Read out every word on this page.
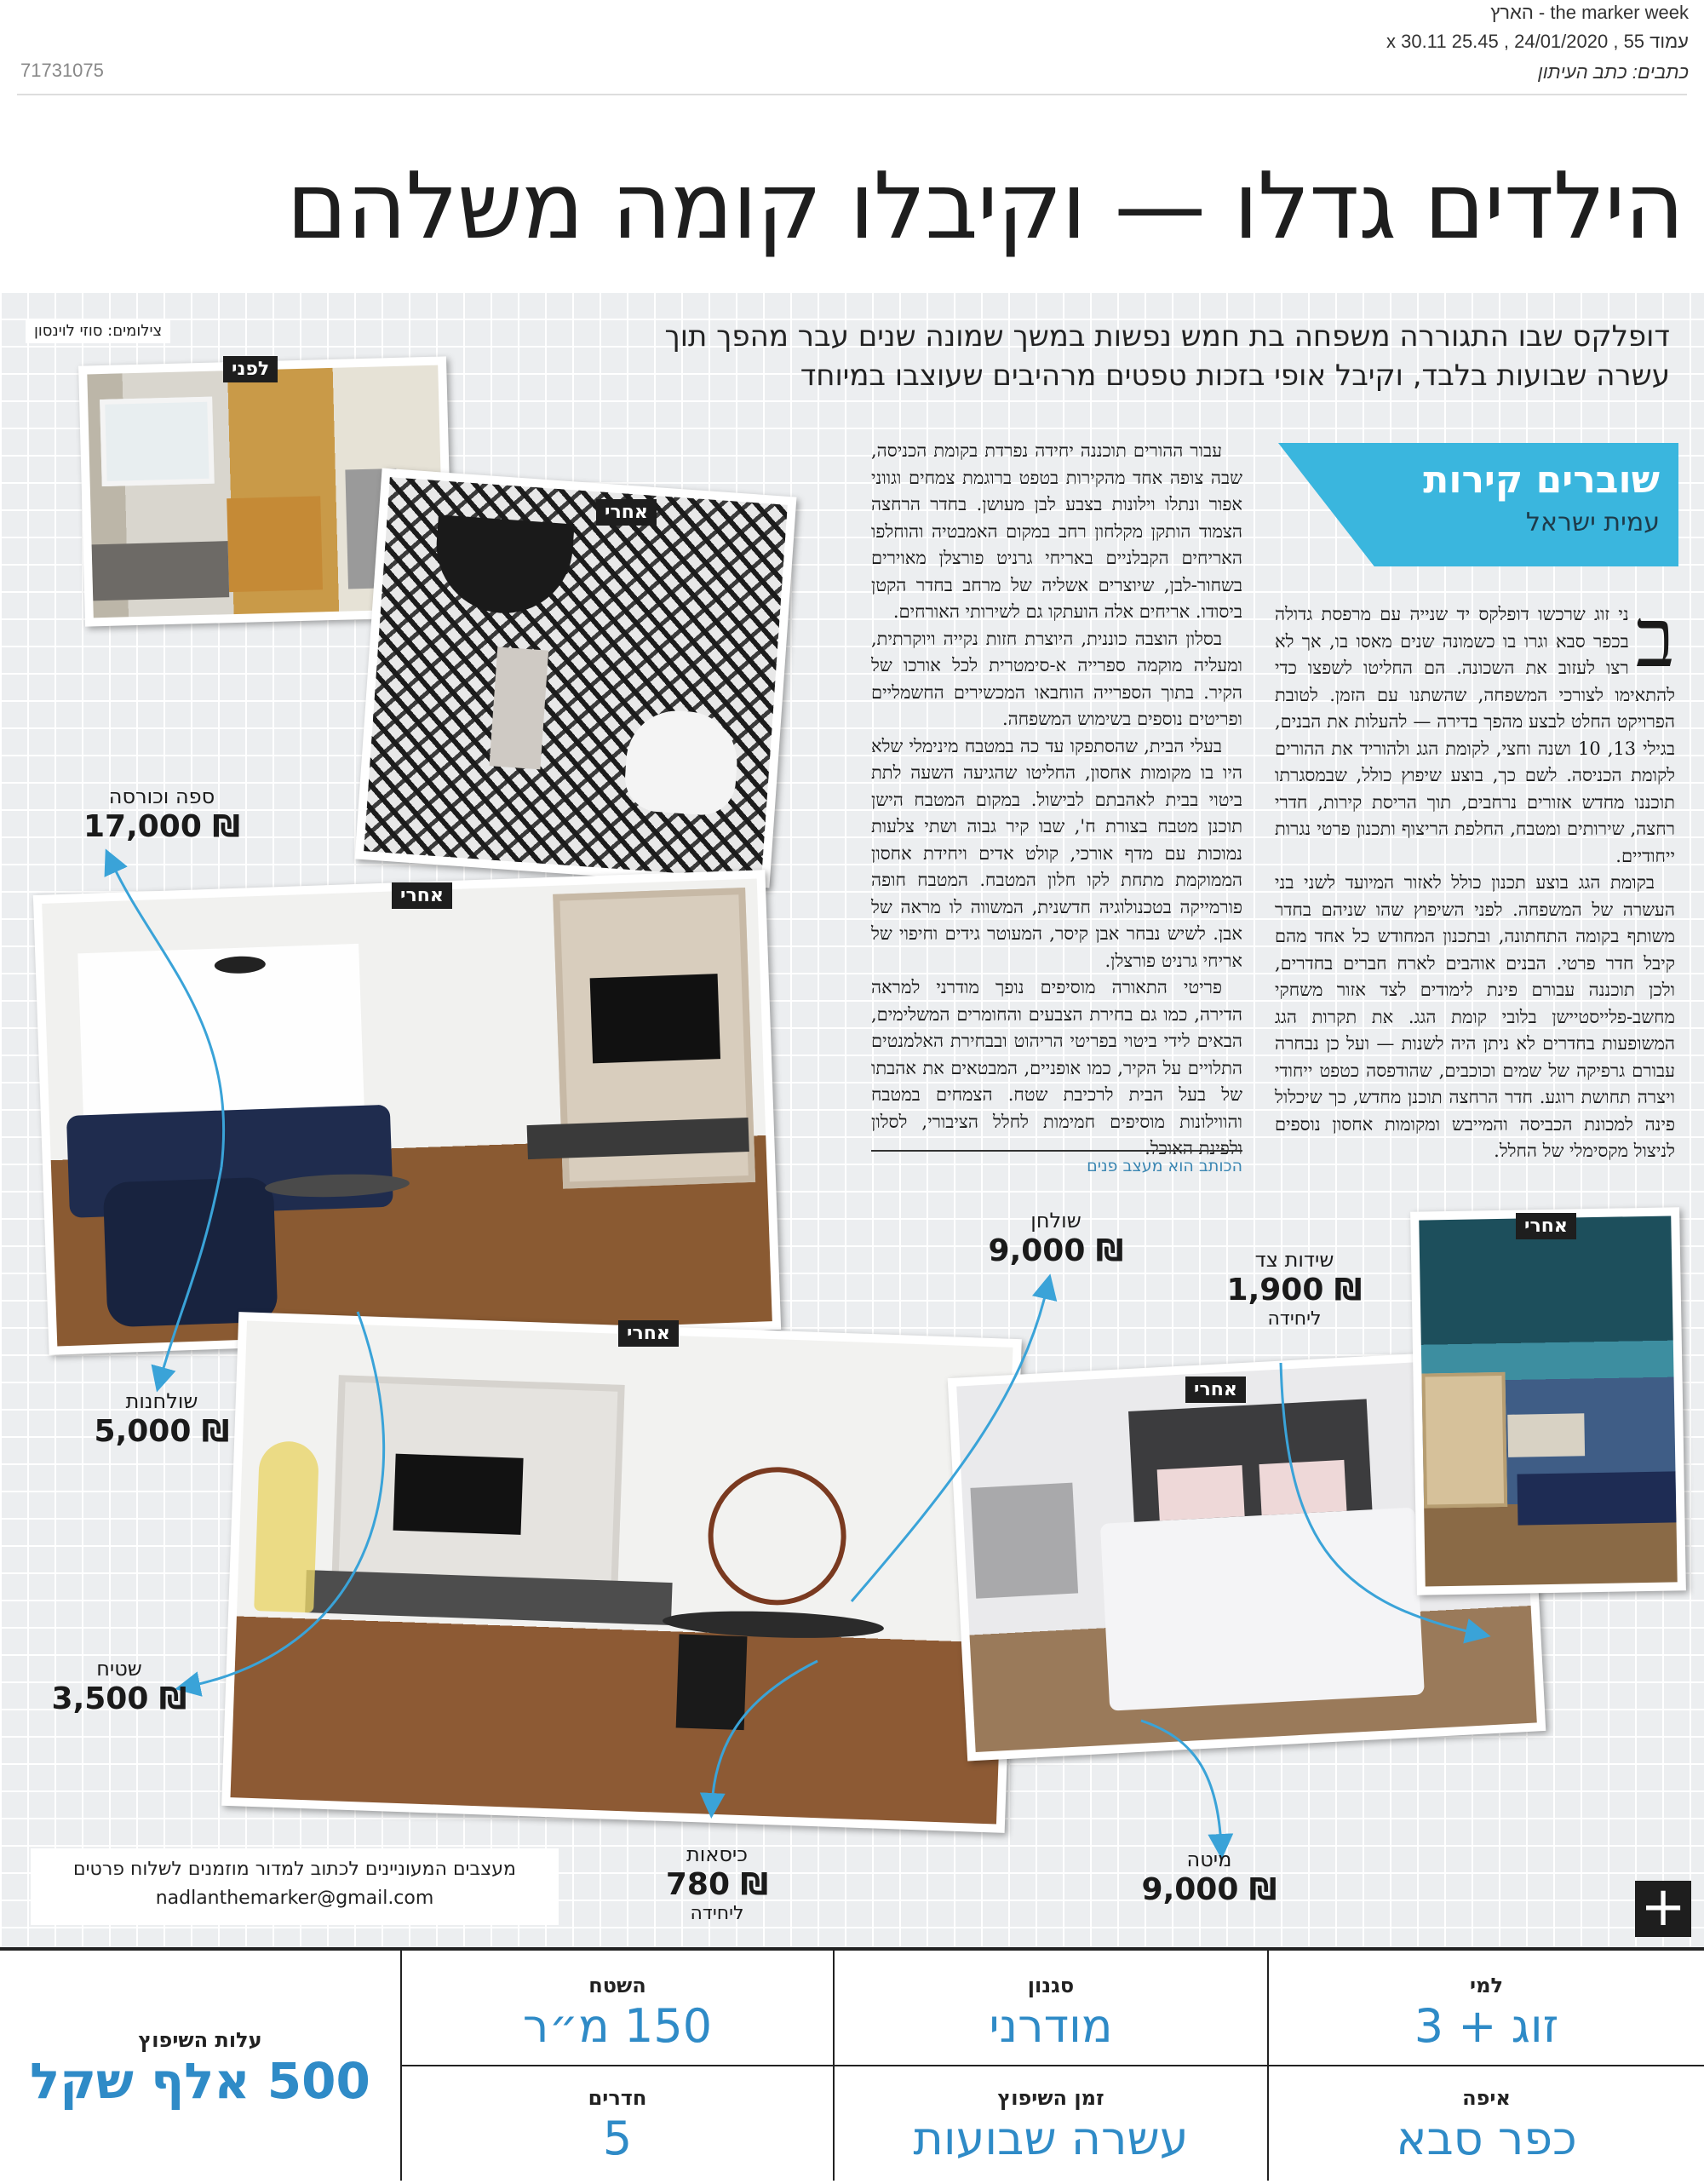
the marker week - הארץ
עמוד 55 , 24/01/2020 , 25.45 x 30.11
כתבים: כתב העיתון
71731075
הילדים גדלו — וקיבלו קומה משלהם
צילומים: סוזי לוינסון	דופלקס שבו התגוררה משפחה בת חמש נפשות במשך שמונה שנים עבר מהפך תוך עשרה שבועות בלבד, וקיבל אופי בזכות טפטים מרהיבים שעוצבו במיוחד
שוברים קירות
עמית ישראל

ב
ני זוג שרכשו דופלקס יד שנייה עם מרפסת גדולה בכפר סבא וגרו בו כשמונה שנים מאסו בו, אך לא רצו לעזוב את השכונה. הם החליטו לשפצו כדי להתאימו לצורכי המשפחה, שהשתנו עם הזמן. לטובת הפרויקט החלט לבצע מהפך בדירה — להעלות את הבנים, בגילי 13, 10 ושנה וחצי, לקומת הגג ולהוריד את ההורים לקומת הכניסה. לשם כך, בוצע שיפוץ כולל, שבמסגרתו תוכננו מחדש אזורים נרחבים, תוך הריסת קירות, חדרי רחצה, שירותים ומטבח, החלפת הריצוף ותכנון פרטי נגרות ייחודיים.

בקומת הגג בוצע תכנון כולל לאזור המיועד לשני בני העשרה של המשפחה. לפני השיפוץ שהו שניהם בחדר משותף בקומה התחתונה, ובתכנון המחודש כל אחד מהם קיבל חדר פרטי. הבנים אוהבים לארח חברים בחדרים, ולכן תוכננה עבורם פינת לימודים לצד אזור משחקי מחשב-פלייסטיישן בלובי קומת הגג. את תקרות הגג המשופעות בחדרים לא ניתן היה לשנות — ועל כן נבחרה עבורם גרפיקה של שמים וכוכבים, שהודפסה כטפט ייחודי ויצרה תחושת רוגע. חדר הרחצה תוכנן מחדש, כך שיכלול פינה למכונת הכביסה והמייבש ומקומות אחסון נוספים לניצול מקסימלי של החלל.

עבור ההורים תוכננה יחידה נפרדת בקומת הכניסה, שבה צופה אחד מהקירות בטפט ברוגמת צמחים וגווני אפור ונתלו וילונות בצבע לבן מעושן. בחדר הרחצה הצמוד הותקן מקלחון רחב במקום האמבטיה והוחלפו האריחים הקבלניים באריחי גרניט פורצלן מאוירים בשחור-לבן, שיוצרים אשליה של מרחב בחדר הקטן ביסודו. אריחים אלה הועתקו גם לשירותי האורחים.

בסלון הוצבה כוננית, היוצרת חזות נקייה ויוקרתית, ומעליה מוקמה ספרייה א-סימטרית לכל אורכו של הקיר. בתוך הספרייה הוחבאו המכשירים החשמליים ופריטים נוספים בשימוש המשפחה.

בעלי הבית, שהסתפקו עד כה במטבח מינימלי שלא היו בו מקומות אחסון, החליטו שהגיעה השעה לתת ביטוי בבית לאהבתם לבישול. במקום המטבח הישן תוכנן מטבח בצורת ח', שבו קיר גבוה ושתי צלעות נמוכות עם מדף אורכי, קולט אדים ויחידת אחסון הממוקמת מתחת לקו חלון המטבח. המטבח חופה פורמייקה בטכנולוגיה חדשנית, המשווה לו מראה של אבן. לשיש נבחר אבן קיסר, המעוטר גידים וחיפוי של אריחי גרניט פורצלן.

פריטי התאורה מוסיפים נופך מודרני למראה הדירה, כמו גם בחירת הצבעים והחומרים המשלימים, הבאים לידי ביטוי בפריטי הריהוט ובבחירת האלמנטים התלויים על הקיר, כמו אופניים, המבטאים את אהבתו של בעל הבית לרכיבת שטח. הצמחים במטבח והווילונות מוסיפים חמימות לחלל הציבורי, לסלון ולפינת האוכל.

הכותב הוא מעצב פנים
לפני
אחרי
אחרי
אחרי
אחרי
אחרי
ספה וכורסה
₪ 17,000
שולחנות
₪ 5,000
שטיח
₪ 3,500
כיסאות
₪ 780
ליחידה
שולחן
₪ 9,000	שידות צד
₪ 1,900
ליחידה
מיטה
₪ 9,000
מעצבים המעוניינים לכתוב למדור מוזמנים לשלוח פרטים
nadlanthemarker@gmail.com	+
למי
זוג + 3
סגנון
מודרני
השטח
150 מ״ר
איפה
כפר סבא
זמן השיפוץ
עשרה שבועות
חדרים
5
עלות השיפוץ
500 אלף שקל
